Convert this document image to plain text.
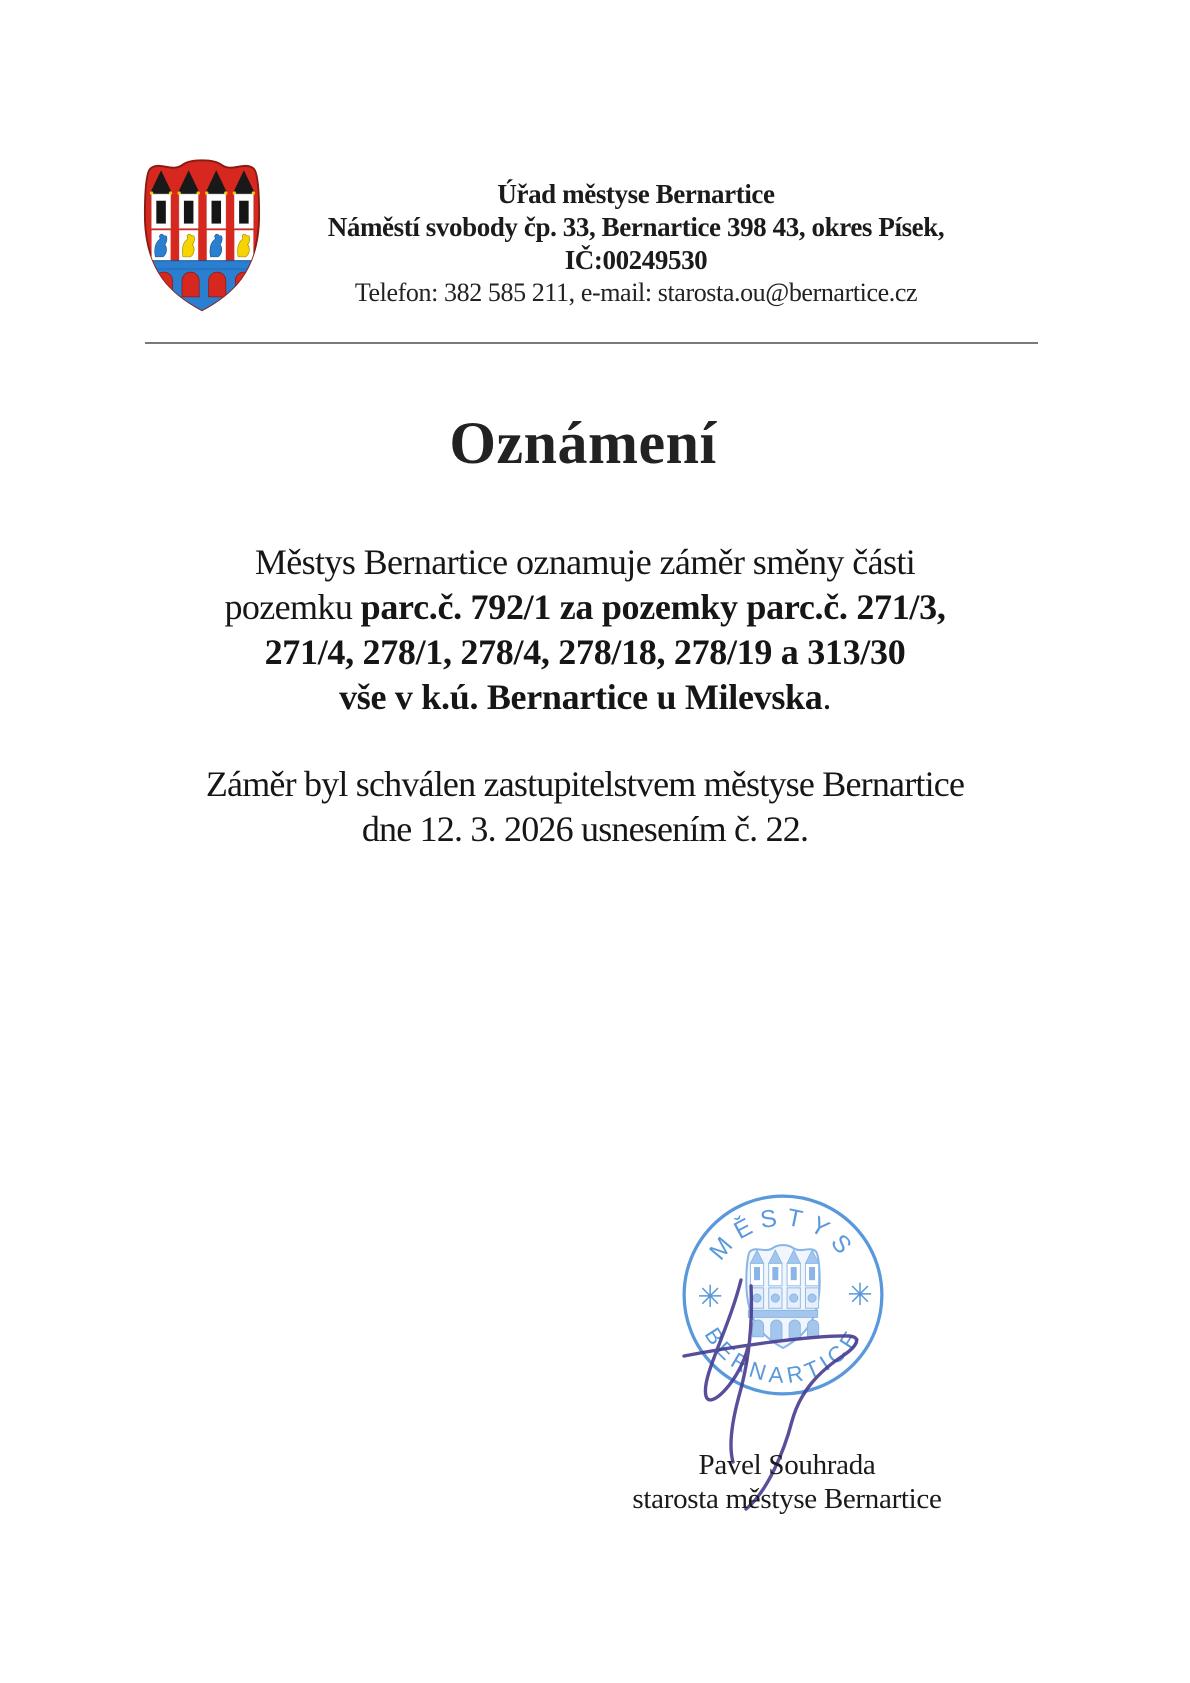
Úřad městyse Bernartice
Náměstí svobody čp. 33, Bernartice 398 43, okres Písek,
IČ:00249530
Telefon: 382 585 211, e-mail: starosta.ou@bernartice.cz
Oznámení
Městys Bernartice oznamuje záměr směny části
pozemku parc.č. 792/1 za pozemky parc.č. 271/3,
271/4, 278/1, 278/4, 278/18, 278/19 a 313/30
vše v k.ú. Bernartice u Milevska.
Záměr byl schválen zastupitelstvem městyse Bernartice
dne 12. 3. 2026 usnesením č. 22.
MĚSTYS
BERNARTICE
✳	✳
Pavel Souhrada
starosta městyse Bernartice
